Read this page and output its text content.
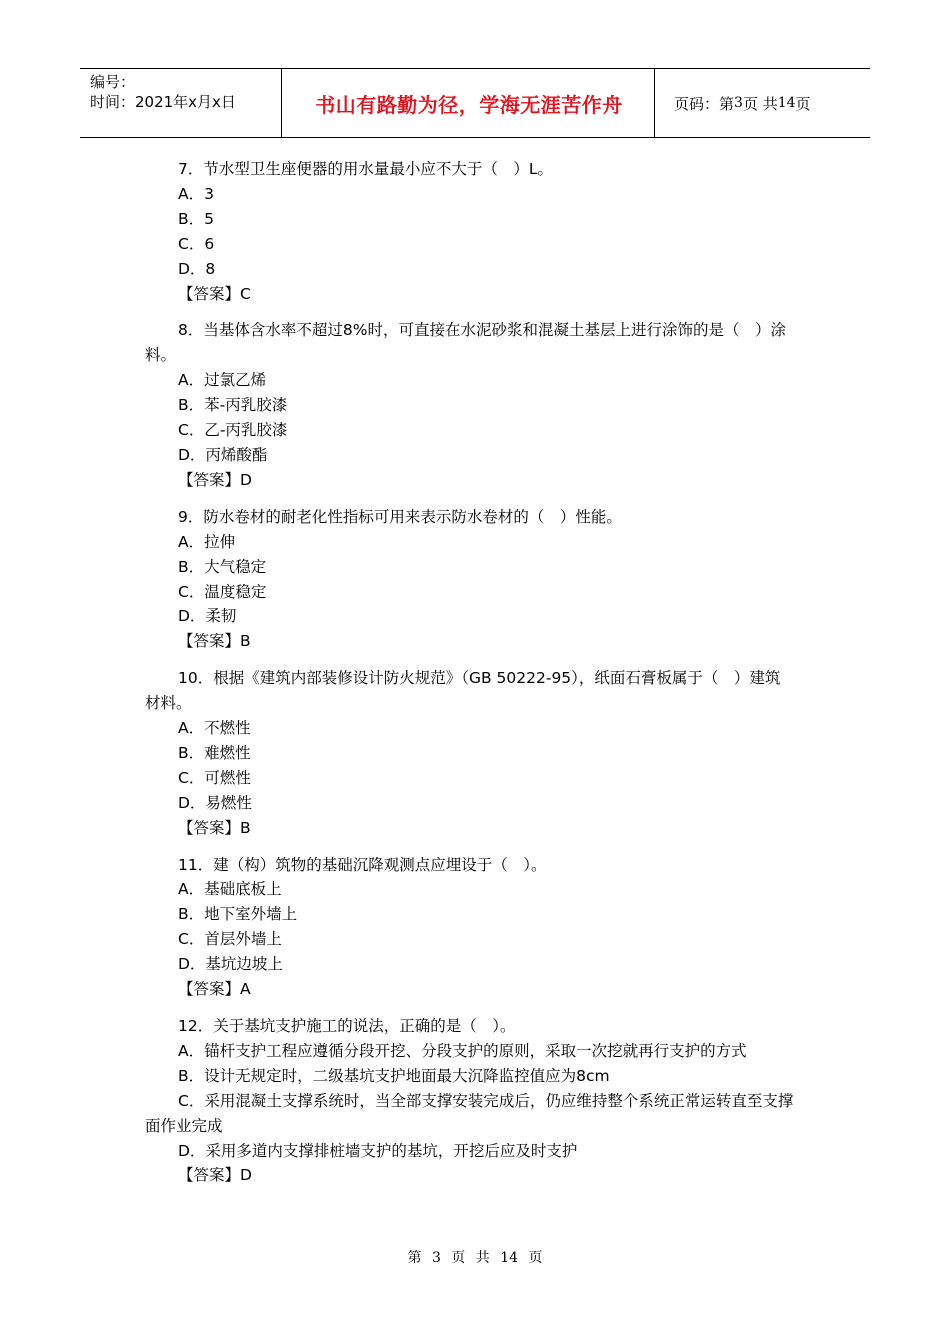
编号：
时间：2021年x月x日	书山有路勤为径，学海无涯苦作舟	页码：第 3 页 共 14 页

7．节水型卫生座便器的用水量最小应不大于（　）L。

A．3

B．5

C．6

D．8

【答案】C

8．当基体含水率不超过8%时，可直接在水泥砂浆和混凝土基层上进行涂饰的是（　）涂料。

A．过氯乙烯

B．苯-丙乳胶漆

C．乙-丙乳胶漆

D．丙烯酸酯

【答案】D

9．防水卷材的耐老化性指标可用来表示防水卷材的（　）性能。

A．拉伸

B．大气稳定

C．温度稳定

D．柔韧

【答案】B

10．根据《建筑内部装修设计防火规范》（GB 50222-95），纸面石膏板属于（　）建筑材料。

A．不燃性

B．难燃性

C．可燃性

D．易燃性

【答案】B

11．建（构）筑物的基础沉降观测点应埋设于（　）。

A．基础底板上

B．地下室外墙上

C．首层外墙上

D．基坑边坡上

【答案】A

12．关于基坑支护施工的说法，正确的是（　）。

A．锚杆支护工程应遵循分段开挖、分段支护的原则，采取一次挖就再行支护的方式

B．设计无规定时，二级基坑支护地面最大沉降监控值应为8cm

C．采用混凝土支撑系统时，当全部支撑安装完成后，仍应维持整个系统正常运转直至支撑面作业完成

D．采用多道内支撑排桩墙支护的基坑，开挖后应及时支护

【答案】D

第 3 页 共 14 页
